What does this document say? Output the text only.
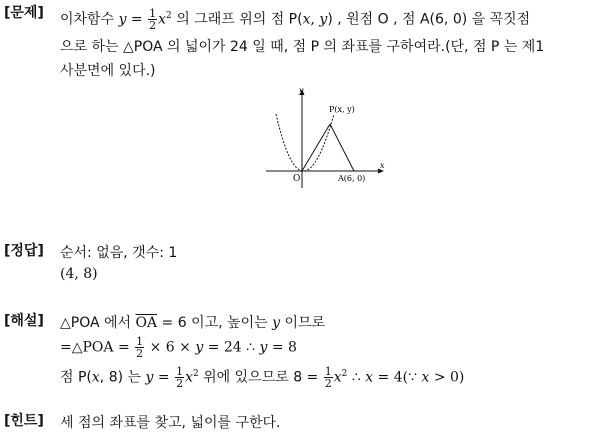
[문제] 이차함수 $y = \frac{1}{2} x^2$ 의 그래프 위의 점 P(x, y) , 원점 O , 점 A(6, 0) 을 꼭짓점
으로 하는 △POA 의 넓이가 24 일 때, 점 P 의 좌표를 구하여라.(단, 점 P 는 제1
사분면에 있다.)
y
x
O
P(x, y)
A(6, 0)
[정답] 순서: 없음, 갯수: 1
(4, 8)
[해설] △POA 에서 $\overline{OA} = 6$ 이고, 높이는 y 이므로
=△POA = $\frac{1}{2} \times 6 \times y = 24$ ∴ y = 8
점 P(x, 8) 는 $y = \frac{1}{2} x^2$ 위에 있으므로 $8 = \frac{1}{2} x^2$ ∴ x = 4(∵ x > 0)
[힌트] 세 점의 좌표를 찾고, 넓이를 구한다.
